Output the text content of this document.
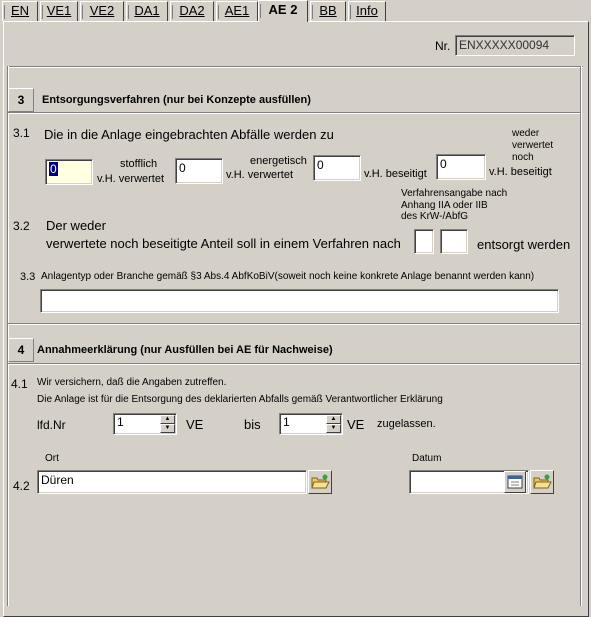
EN	VE1	VE2	DA1	DA2	AE1	AE 2	BB	Info
Nr. ENXXXXX00094
3	Entsorgungsverfahren (nur bei Konzepte ausfüllen)
3.1 Die in die Anlage eingebrachten Abfälle werden zu
0	stofflich
v.H. verwertet
0	energetisch
v.H. verwertet
0
v.H. beseitigt
0
weder
verwertet
noch
v.H. beseitigt
3.2 Der weder
verwertete noch beseitigte Anteil soll in einem Verfahren nach
Verfahrensangabe nach
Anhang IIA oder IIB
des KrW-/AbfG
entsorgt werden
3.3 Anlagentyp oder Branche gemäß §3 Abs.4 AbfKoBiV(soweit noch keine konkrete Anlage benannt werden kann)
4	Annahmeerklärung (nur Ausfüllen bei AE für Nachweise)
4.1 Wir versichern, daß die Angaben zutreffen.
Die Anlage ist für die Entsorgung des deklarierten Abfalls gemäß Verantwortlicher Erklärung
lfd.Nr	1	▲
▼	VE	bis	1	▲
▼ VE zugelassen.
Ort
4.2 Düren
Datum
